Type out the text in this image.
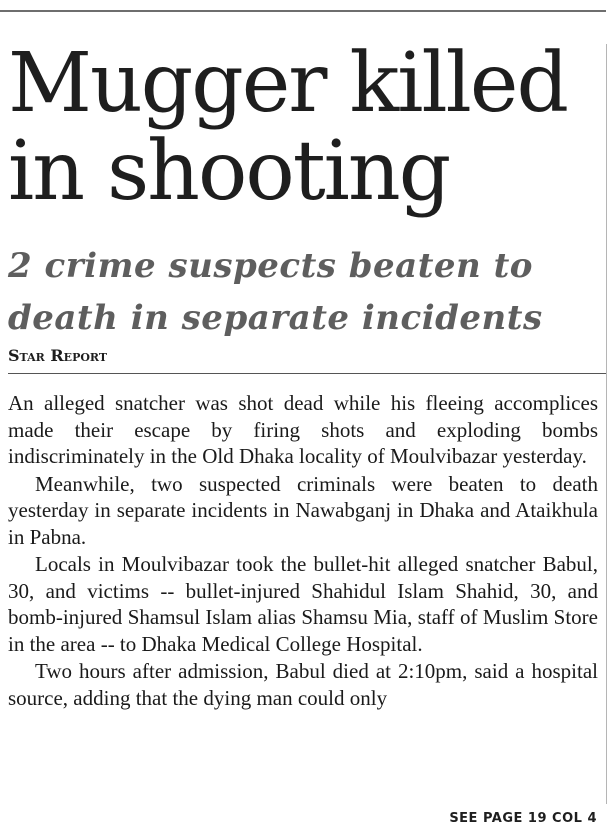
Mugger killed
in shooting
2 crime suspects beaten to
death in separate incidents
Star Report

An alleged snatcher was shot dead while his fleeing accomplices made their escape by firing shots and exploding bombs indiscriminately in the Old Dhaka locality of Moulvibazar yesterday.

Meanwhile, two suspected criminals were beaten to death yesterday in separate incidents in Nawabganj in Dhaka and Ataikhula in Pabna.

Locals in Moulvibazar took the bullet-hit alleged snatcher Babul, 30, and victims -- bullet-injured Shahidul Islam Shahid, 30, and bomb-injured Shamsul Islam alias Shamsu Mia, staff of Muslim Store in the area -- to Dhaka Medical College Hospital.

Two hours after admission, Babul died at 2:10pm, said a hospital source, adding that the dying man could only

SEE PAGE 19 COL 4
